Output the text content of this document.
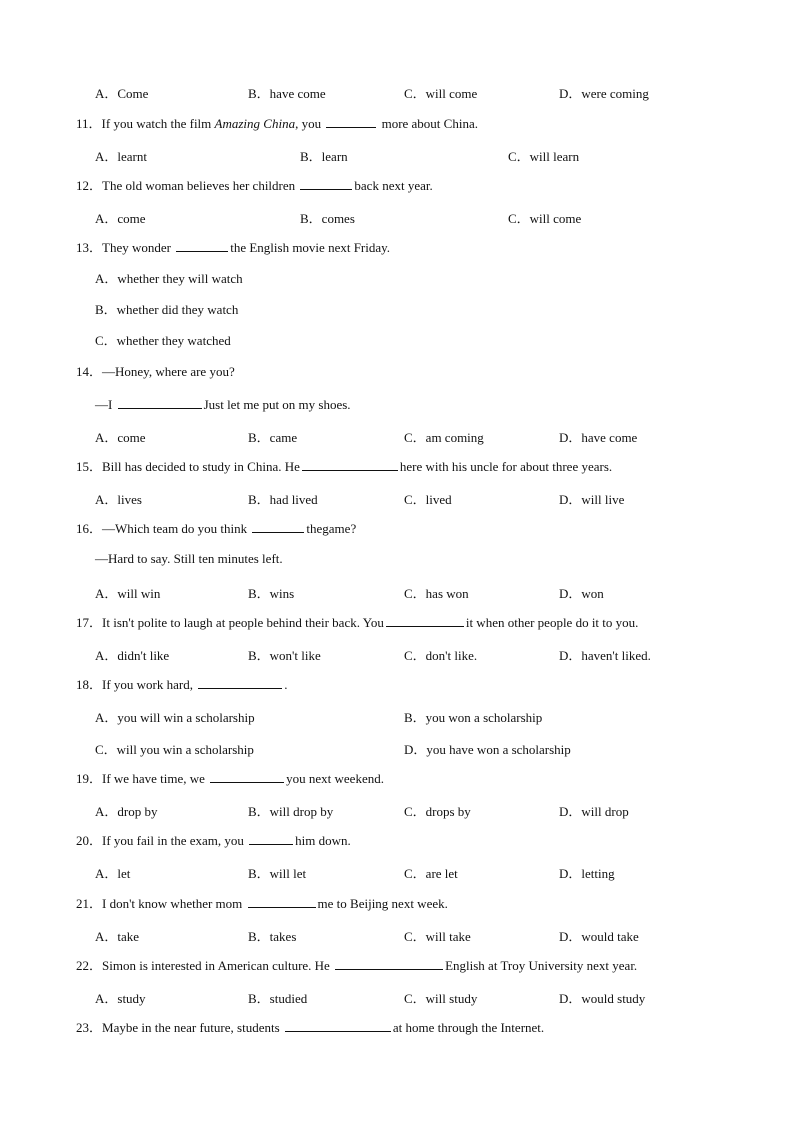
A．Come	B．have come	C．will come	D．were coming
11．If you watch the film Amazing China, you	more about China.
A．learnt	B．learn	C．will learn
12．The old woman believes her children	back next year.
A．come	B．comes	C．will come
13．They wonder	the English movie next Friday.
A．whether they will watch
B．whether did they watch
C．whether they watched
14．—Honey, where are you?
—I	Just let me put on my shoes.
A．come	B．came	C．am coming	D．have come
15．Bill has decided to study in China. He	here with his uncle for about three years.
A．lives	B．had lived	C．lived	D．will live
16．—Which team do you think	thegame?
—Hard to say. Still ten minutes left.
A．will win	B．wins	C．has won	D．won
17．It isn't polite to laugh at people behind their back. You	it when other people do it to you.
A．didn't like	B．won't like	C．don't like.	D．haven't liked.
18．If you work hard,	.
A．you will win a scholarship	B．you won a scholarship
C．will you win a scholarship	D．you have won a scholarship
19．If we have time, we	you next weekend.
A．drop by	B．will drop by	C．drops by	D．will drop
20．If you fail in the exam, you	him down.
A．let	B．will let	C．are let	D．letting
21．I don't know whether mom	me to Beijing next week.
A．take	B．takes	C．will take	D．would take
22．Simon is interested in American culture. He	English at Troy University next year.
A．study	B．studied	C．will study	D．would study
23．Maybe in the near future, students	at home through the Internet.
